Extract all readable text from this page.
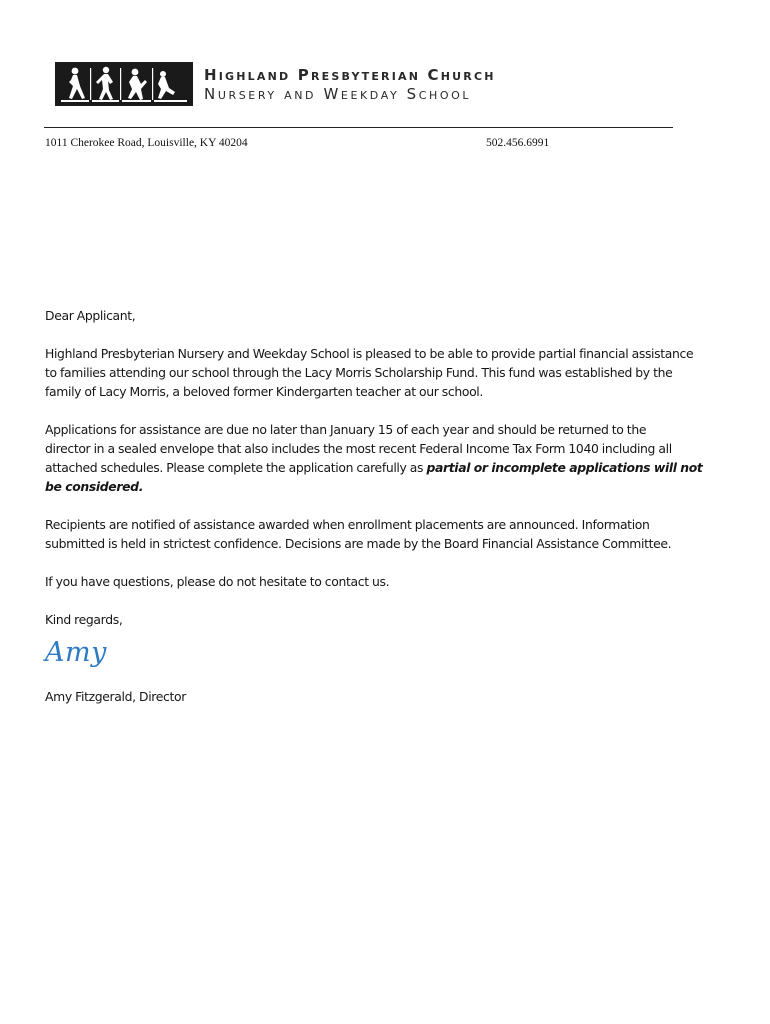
Highland Presbyterian Church
Nursery and Weekday School
1011 Cherokee Road, Louisville, KY 40204	502.456.6991
Dear Applicant,
Highland Presbyterian Nursery and Weekday School is pleased to be able to provide partial financial assistance
to families attending our school through the Lacy Morris Scholarship Fund. This fund was established by the
family of Lacy Morris, a beloved former Kindergarten teacher at our school.
Applications for assistance are due no later than January 15 of each year and should be returned to the
director in a sealed envelope that also includes the most recent Federal Income Tax Form 1040 including all
attached schedules. Please complete the application carefully as partial or incomplete applications will not
be considered.
Recipients are notified of assistance awarded when enrollment placements are announced. Information
submitted is held in strictest confidence. Decisions are made by the Board Financial Assistance Committee.
If you have questions, please do not hesitate to contact us.
Kind regards,
Amy
Amy Fitzgerald, Director
